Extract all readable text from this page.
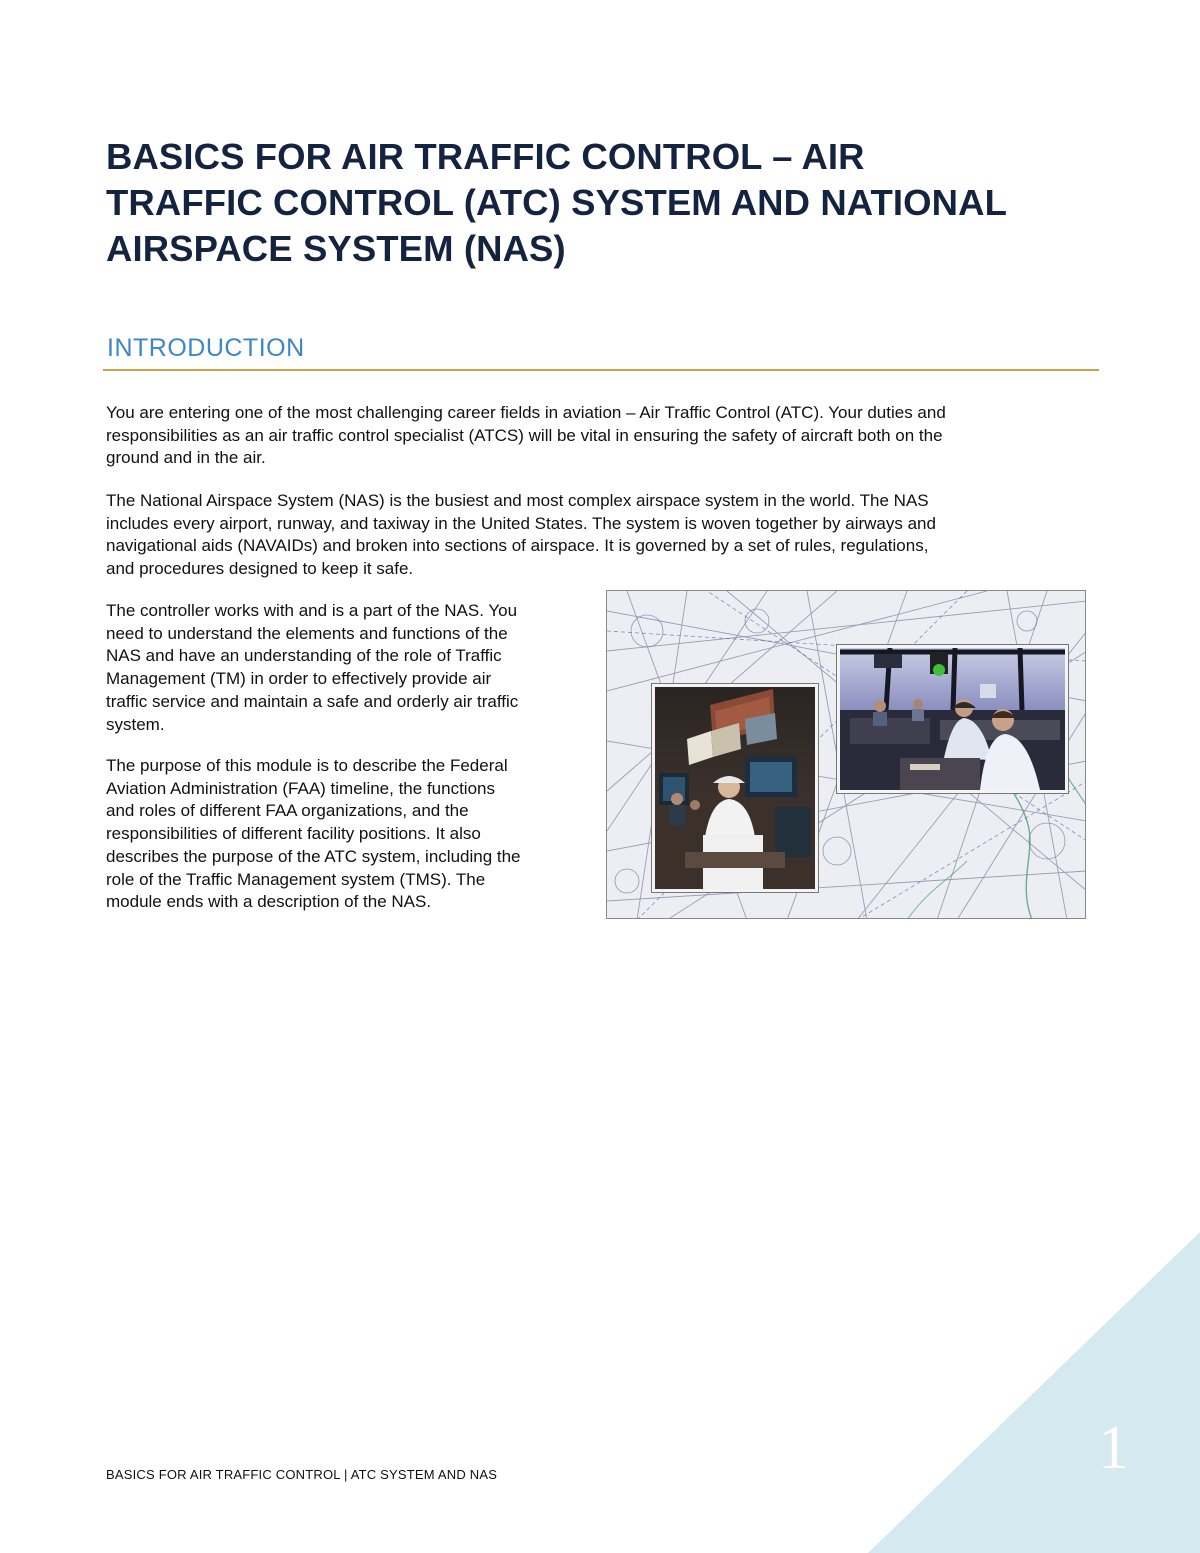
BASICS FOR AIR TRAFFIC CONTROL – AIR
TRAFFIC CONTROL (ATC) SYSTEM AND NATIONAL
AIRSPACE SYSTEM (NAS)
INTRODUCTION

You are entering one of the most challenging career fields in aviation – Air Traffic Control (ATC). Your duties and
responsibilities as an air traffic control specialist (ATCS) will be vital in ensuring the safety of aircraft both on the
ground and in the air.

The National Airspace System (NAS) is the busiest and most complex airspace system in the world. The NAS
includes every airport, runway, and taxiway in the United States. The system is woven together by airways and
navigational aids (NAVAIDs) and broken into sections of airspace. It is governed by a set of rules, regulations,
and procedures designed to keep it safe.

The controller works with and is a part of the NAS. You
need to understand the elements and functions of the
NAS and have an understanding of the role of Traffic
Management (TM) in order to effectively provide air
traffic service and maintain a safe and orderly air traffic
system.

The purpose of this module is to describe the Federal
Aviation Administration (FAA) timeline, the functions
and roles of different FAA organizations, and the
responsibilities of different facility positions. It also
describes the purpose of the ATC system, including the
role of the Traffic Management system (TMS). The
module ends with a description of the NAS.

BASICS FOR AIR TRAFFIC CONTROL | ATC SYSTEM AND NAS	1
